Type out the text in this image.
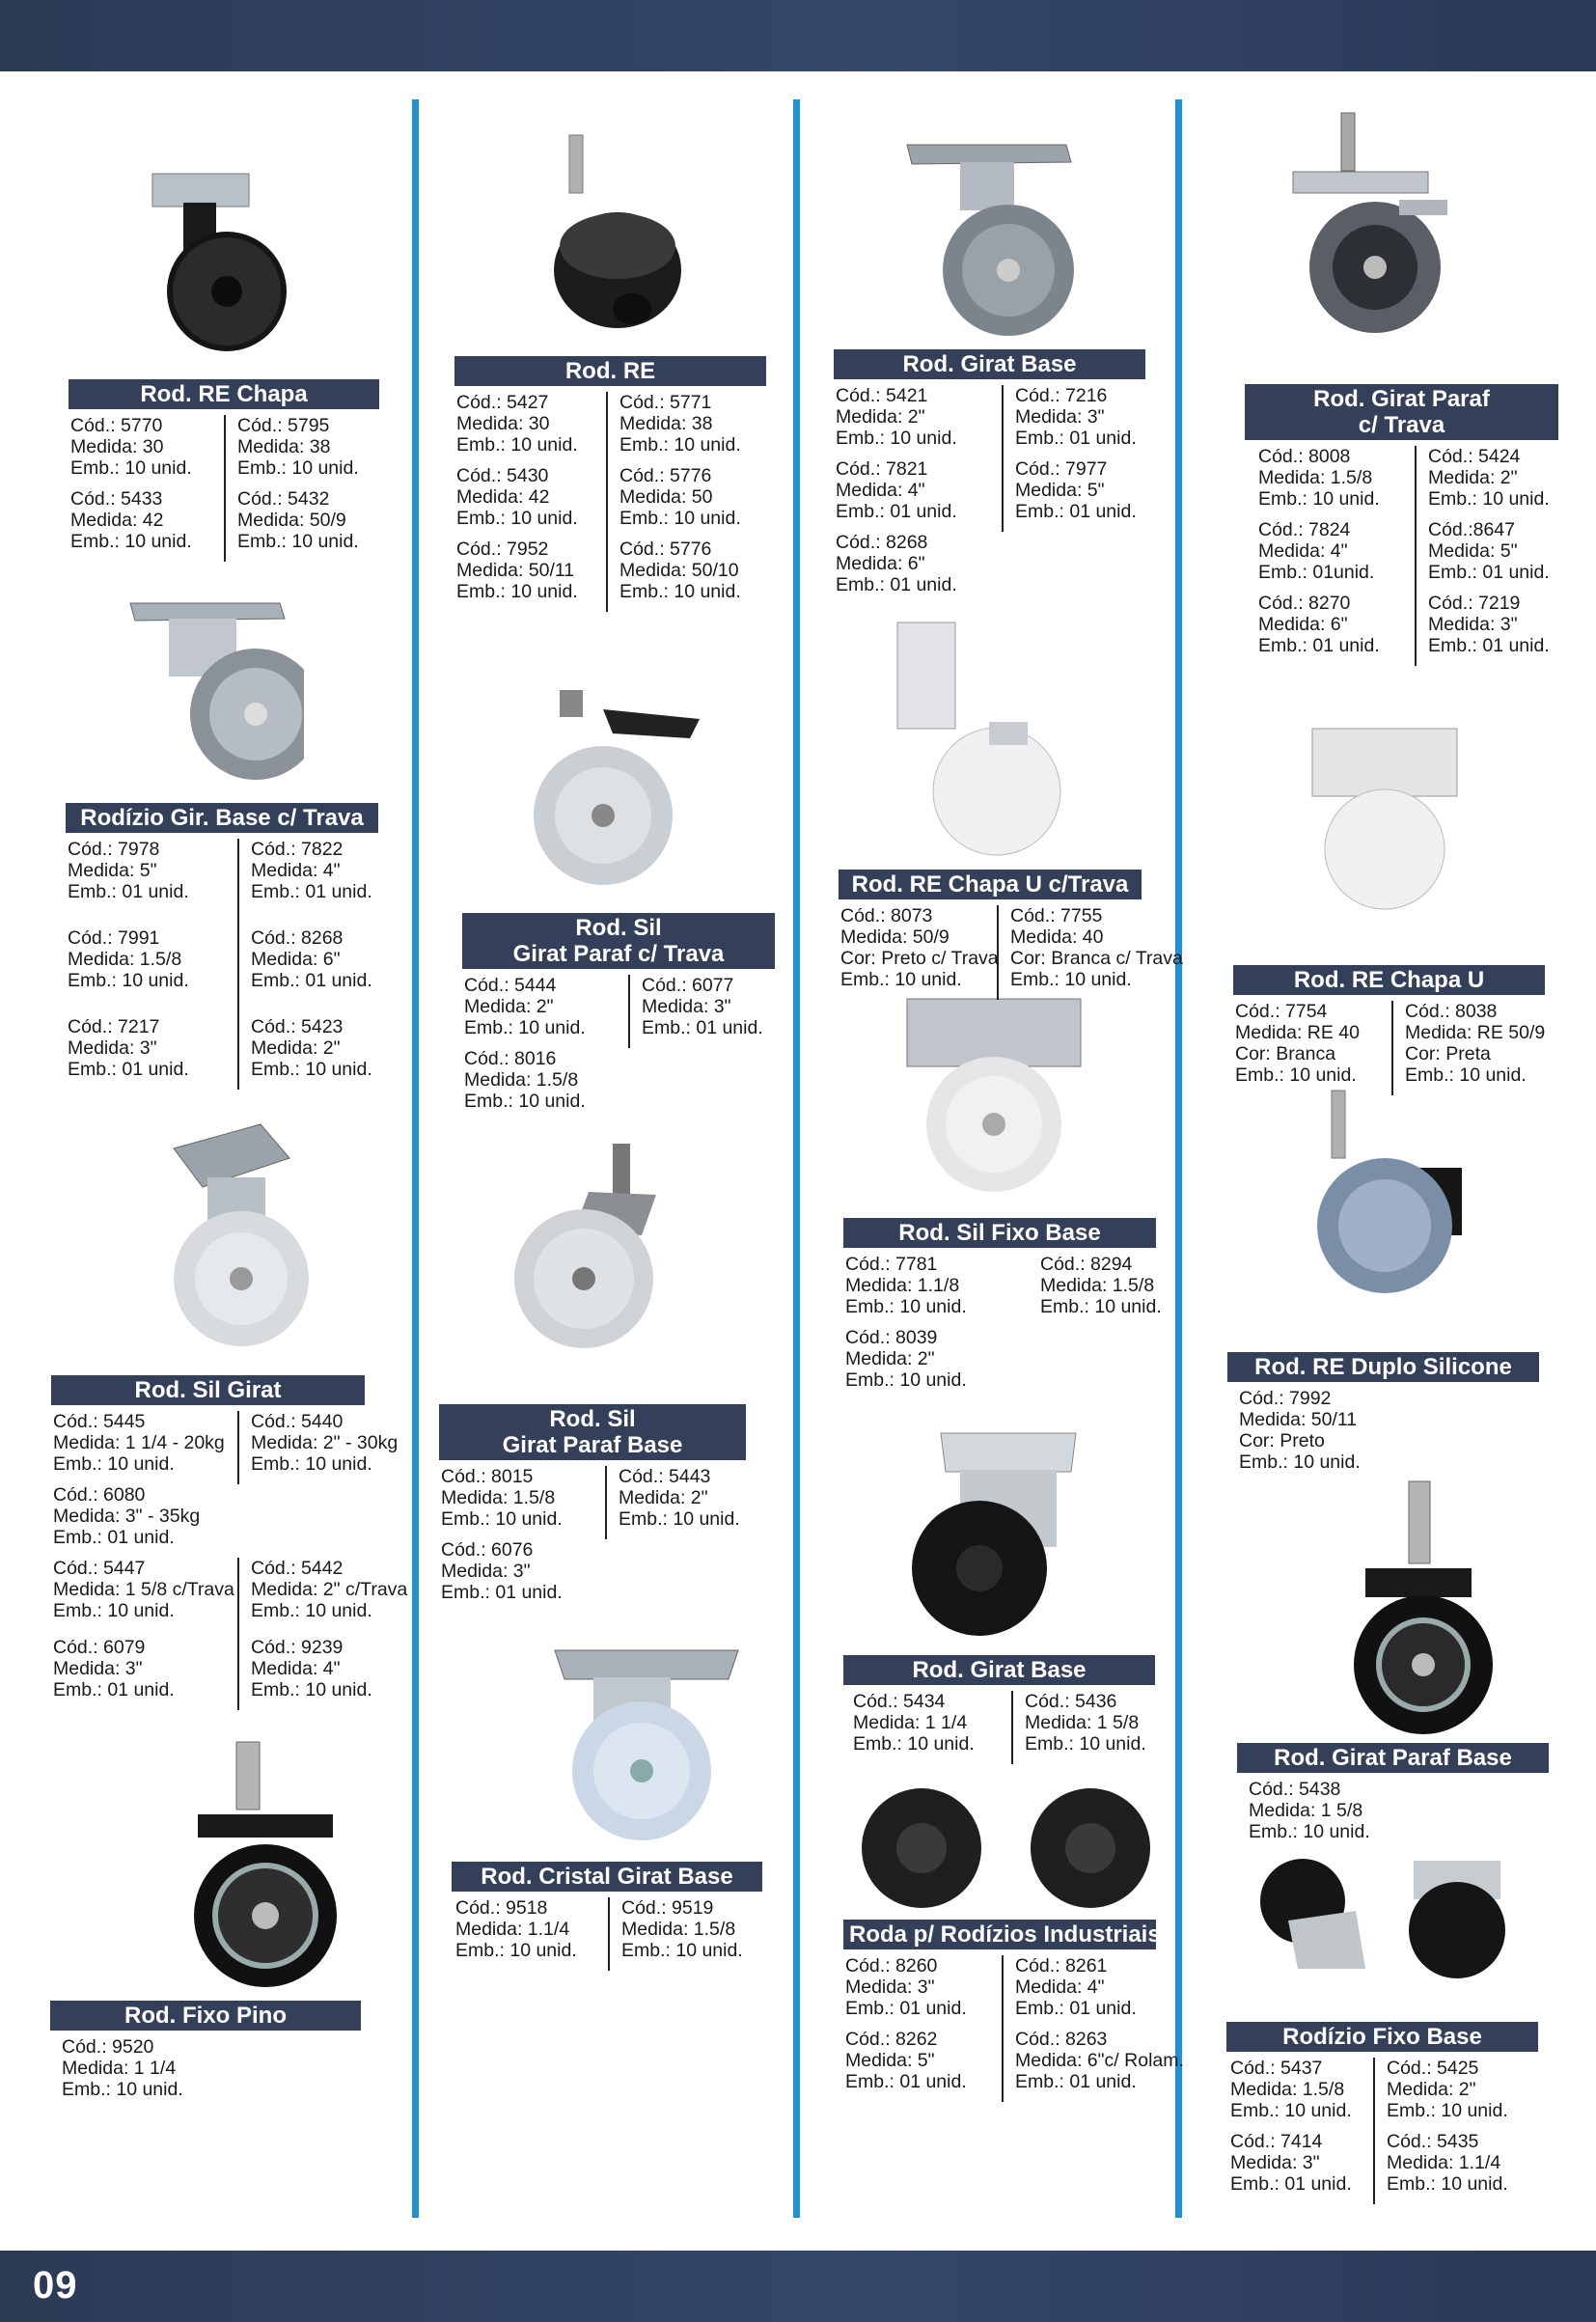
09
Rod. RE Chapa
Cód.: 5770
Medida: 30
Emb.: 10 unid.
Cód.: 5795
Medida: 38
Emb.: 10 unid.
Cód.: 5433
Medida: 42
Emb.: 10 unid.
Cód.: 5432
Medida: 50/9
Emb.: 10 unid.
Rodízio Gir. Base c/ Trava
Cód.: 7978
Medida: 5"
Emb.: 01 unid.
Cód.: 7822
Medida: 4"
Emb.: 01 unid.
Cód.: 7991
Medida: 1.5/8
Emb.: 10 unid.
Cód.: 8268
Medida: 6"
Emb.: 01 unid.
Cód.: 7217
Medida: 3"
Emb.: 01 unid.
Cód.: 5423
Medida: 2"
Emb.: 10 unid.
Rod. Sil Girat
Cód.: 5445
Medida: 1 1/4 - 20kg
Emb.: 10 unid.
Cód.: 5440
Medida: 2" - 30kg
Emb.: 10 unid.
Cód.: 6080
Medida: 3" - 35kg
Emb.: 01 unid.
Cód.: 5447
Medida: 1 5/8 c/Trava
Emb.: 10 unid.
Cód.: 5442
Medida: 2" c/Trava
Emb.: 10 unid.
Cód.: 6079
Medida: 3"
Emb.: 01 unid.
Cód.: 9239
Medida: 4"
Emb.: 10 unid.
Rod. Fixo Pino
Cód.: 9520
Medida: 1 1/4
Emb.: 10 unid.
Rod. RE
Cód.: 5427
Medida: 30
Emb.: 10 unid.
Cód.: 5771
Medida: 38
Emb.: 10 unid.
Cód.: 5430
Medida: 42
Emb.: 10 unid.
Cód.: 5776
Medida: 50
Emb.: 10 unid.
Cód.: 7952
Medida: 50/11
Emb.: 10 unid.
Cód.: 5776
Medida: 50/10
Emb.: 10 unid.
Rod. Sil
Girat Paraf c/ Trava
Cód.: 5444
Medida: 2"
Emb.: 10 unid.
Cód.: 6077
Medida: 3"
Emb.: 01 unid.
Cód.: 8016
Medida: 1.5/8
Emb.: 10 unid.
Rod. Sil
Girat Paraf Base
Cód.: 8015
Medida: 1.5/8
Emb.: 10 unid.
Cód.: 5443
Medida: 2"
Emb.: 10 unid.
Cód.: 6076
Medida: 3"
Emb.: 01 unid.
Rod. Cristal Girat Base
Cód.: 9518
Medida: 1.1/4
Emb.: 10 unid.
Cód.: 9519
Medida: 1.5/8
Emb.: 10 unid.
Rod. Girat Base
Cód.: 5421
Medida: 2"
Emb.: 10 unid.
Cód.: 7216
Medida: 3"
Emb.: 01 unid.
Cód.: 7821
Medida: 4"
Emb.: 01 unid.
Cód.: 7977
Medida: 5"
Emb.: 01 unid.
Cód.: 8268
Medida: 6"
Emb.: 01 unid.
Rod. RE Chapa U c/Trava
Cód.: 8073
Medida: 50/9
Cor: Preto c/ Trava
Emb.: 10 unid.
Cód.: 7755
Medida: 40
Cor: Branca c/ Trava
Emb.: 10 unid.
Rod. Sil Fixo Base
Cód.: 7781
Medida: 1.1/8
Emb.: 10 unid.
Cód.: 8294
Medida: 1.5/8
Emb.: 10 unid.
Cód.: 8039
Medida: 2"
Emb.: 10 unid.
Rod. Girat Base
Cód.: 5434
Medida: 1 1/4
Emb.: 10 unid.
Cód.: 5436
Medida: 1 5/8
Emb.: 10 unid.
Roda p/ Rodízios Industriais
Cód.: 8260
Medida: 3"
Emb.: 01 unid.
Cód.: 8261
Medida: 4"
Emb.: 01 unid.
Cód.: 8262
Medida: 5"
Emb.: 01 unid.
Cód.: 8263
Medida: 6"c/ Rolam.
Emb.: 01 unid.
Rod. Girat Paraf
c/ Trava
Cód.: 8008
Medida: 1.5/8
Emb.: 10 unid.
Cód.: 5424
Medida: 2"
Emb.: 10 unid.
Cód.: 7824
Medida: 4"
Emb.: 01unid.
Cód.:8647
Medida: 5"
Emb.: 01 unid.
Cód.: 8270
Medida: 6"
Emb.: 01 unid.
Cód.: 7219
Medida: 3"
Emb.: 01 unid.
Rod. RE Chapa U
Cód.: 7754
Medida: RE 40
Cor: Branca
Emb.: 10 unid.
Cód.: 8038
Medida: RE 50/9
Cor: Preta
Emb.: 10 unid.
Rod. RE Duplo Silicone
Cód.: 7992
Medida: 50/11
Cor: Preto
Emb.: 10 unid.
Rod. Girat Paraf Base
Cód.: 5438
Medida: 1 5/8
Emb.: 10 unid.
Rodízio Fixo Base
Cód.: 5437
Medida: 1.5/8
Emb.: 10 unid.
Cód.: 5425
Medida: 2"
Emb.: 10 unid.
Cód.: 7414
Medida: 3"
Emb.: 01 unid.
Cód.: 5435
Medida: 1.1/4
Emb.: 10 unid.
